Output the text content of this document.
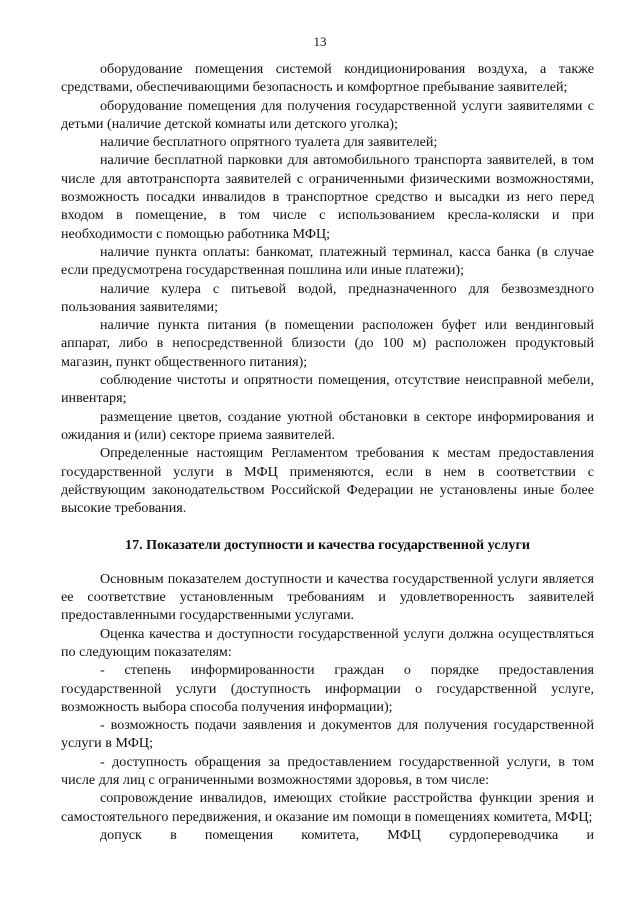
13

оборудование помещения системой кондиционирования воздуха, а также средствами, обеспечивающими безопасность и комфортное пребывание заявителей;

оборудование помещения для получения государственной услуги заявителями с детьми (наличие детской комнаты или детского уголка);

наличие бесплатного опрятного туалета для заявителей;

наличие бесплатной парковки для автомобильного транспорта заявителей, в том числе для автотранспорта заявителей с ограниченными физическими возможностями, возможность посадки инвалидов в транспортное средство и высадки из него перед входом в помещение, в том числе с использованием кресла-коляски и при необходимости с помощью работника МФЦ;

наличие пункта оплаты: банкомат, платежный терминал, касса банка (в случае если предусмотрена государственная пошлина или иные платежи);

наличие кулера с питьевой водой, предназначенного для безвозмездного пользования заявителями;

наличие пункта питания (в помещении расположен буфет или вендинговый аппарат, либо в непосредственной близости (до 100 м) расположен продуктовый магазин, пункт общественного питания);

соблюдение чистоты и опрятности помещения, отсутствие неисправной мебели, инвентаря;

размещение цветов, создание уютной обстановки в секторе информирования и ожидания и (или) секторе приема заявителей.

Определенные настоящим Регламентом требования к местам предоставления государственной услуги в МФЦ применяются, если в нем в соответствии с действующим законодательством Российской Федерации не установлены иные более высокие требования.

17. Показатели доступности и качества государственной услуги

Основным показателем доступности и качества государственной услуги является ее соответствие установленным требованиям и удовлетворенность заявителей предоставленными государственными услугами.

Оценка качества и доступности государственной услуги должна осуществляться по следующим показателям:

- степень информированности граждан о порядке предоставления государственной услуги (доступность информации о государственной услуге, возможность выбора способа получения информации);

- возможность подачи заявления и документов для получения государственной услуги в МФЦ;

- доступность обращения за предоставлением государственной услуги, в том числе для лиц с ограниченными возможностями здоровья, в том числе:

сопровождение инвалидов, имеющих стойкие расстройства функции зрения и самостоятельного передвижения, и оказание им помощи в помещениях комитета, МФЦ;

допуск в помещения комитета, МФЦ сурдопереводчика и
